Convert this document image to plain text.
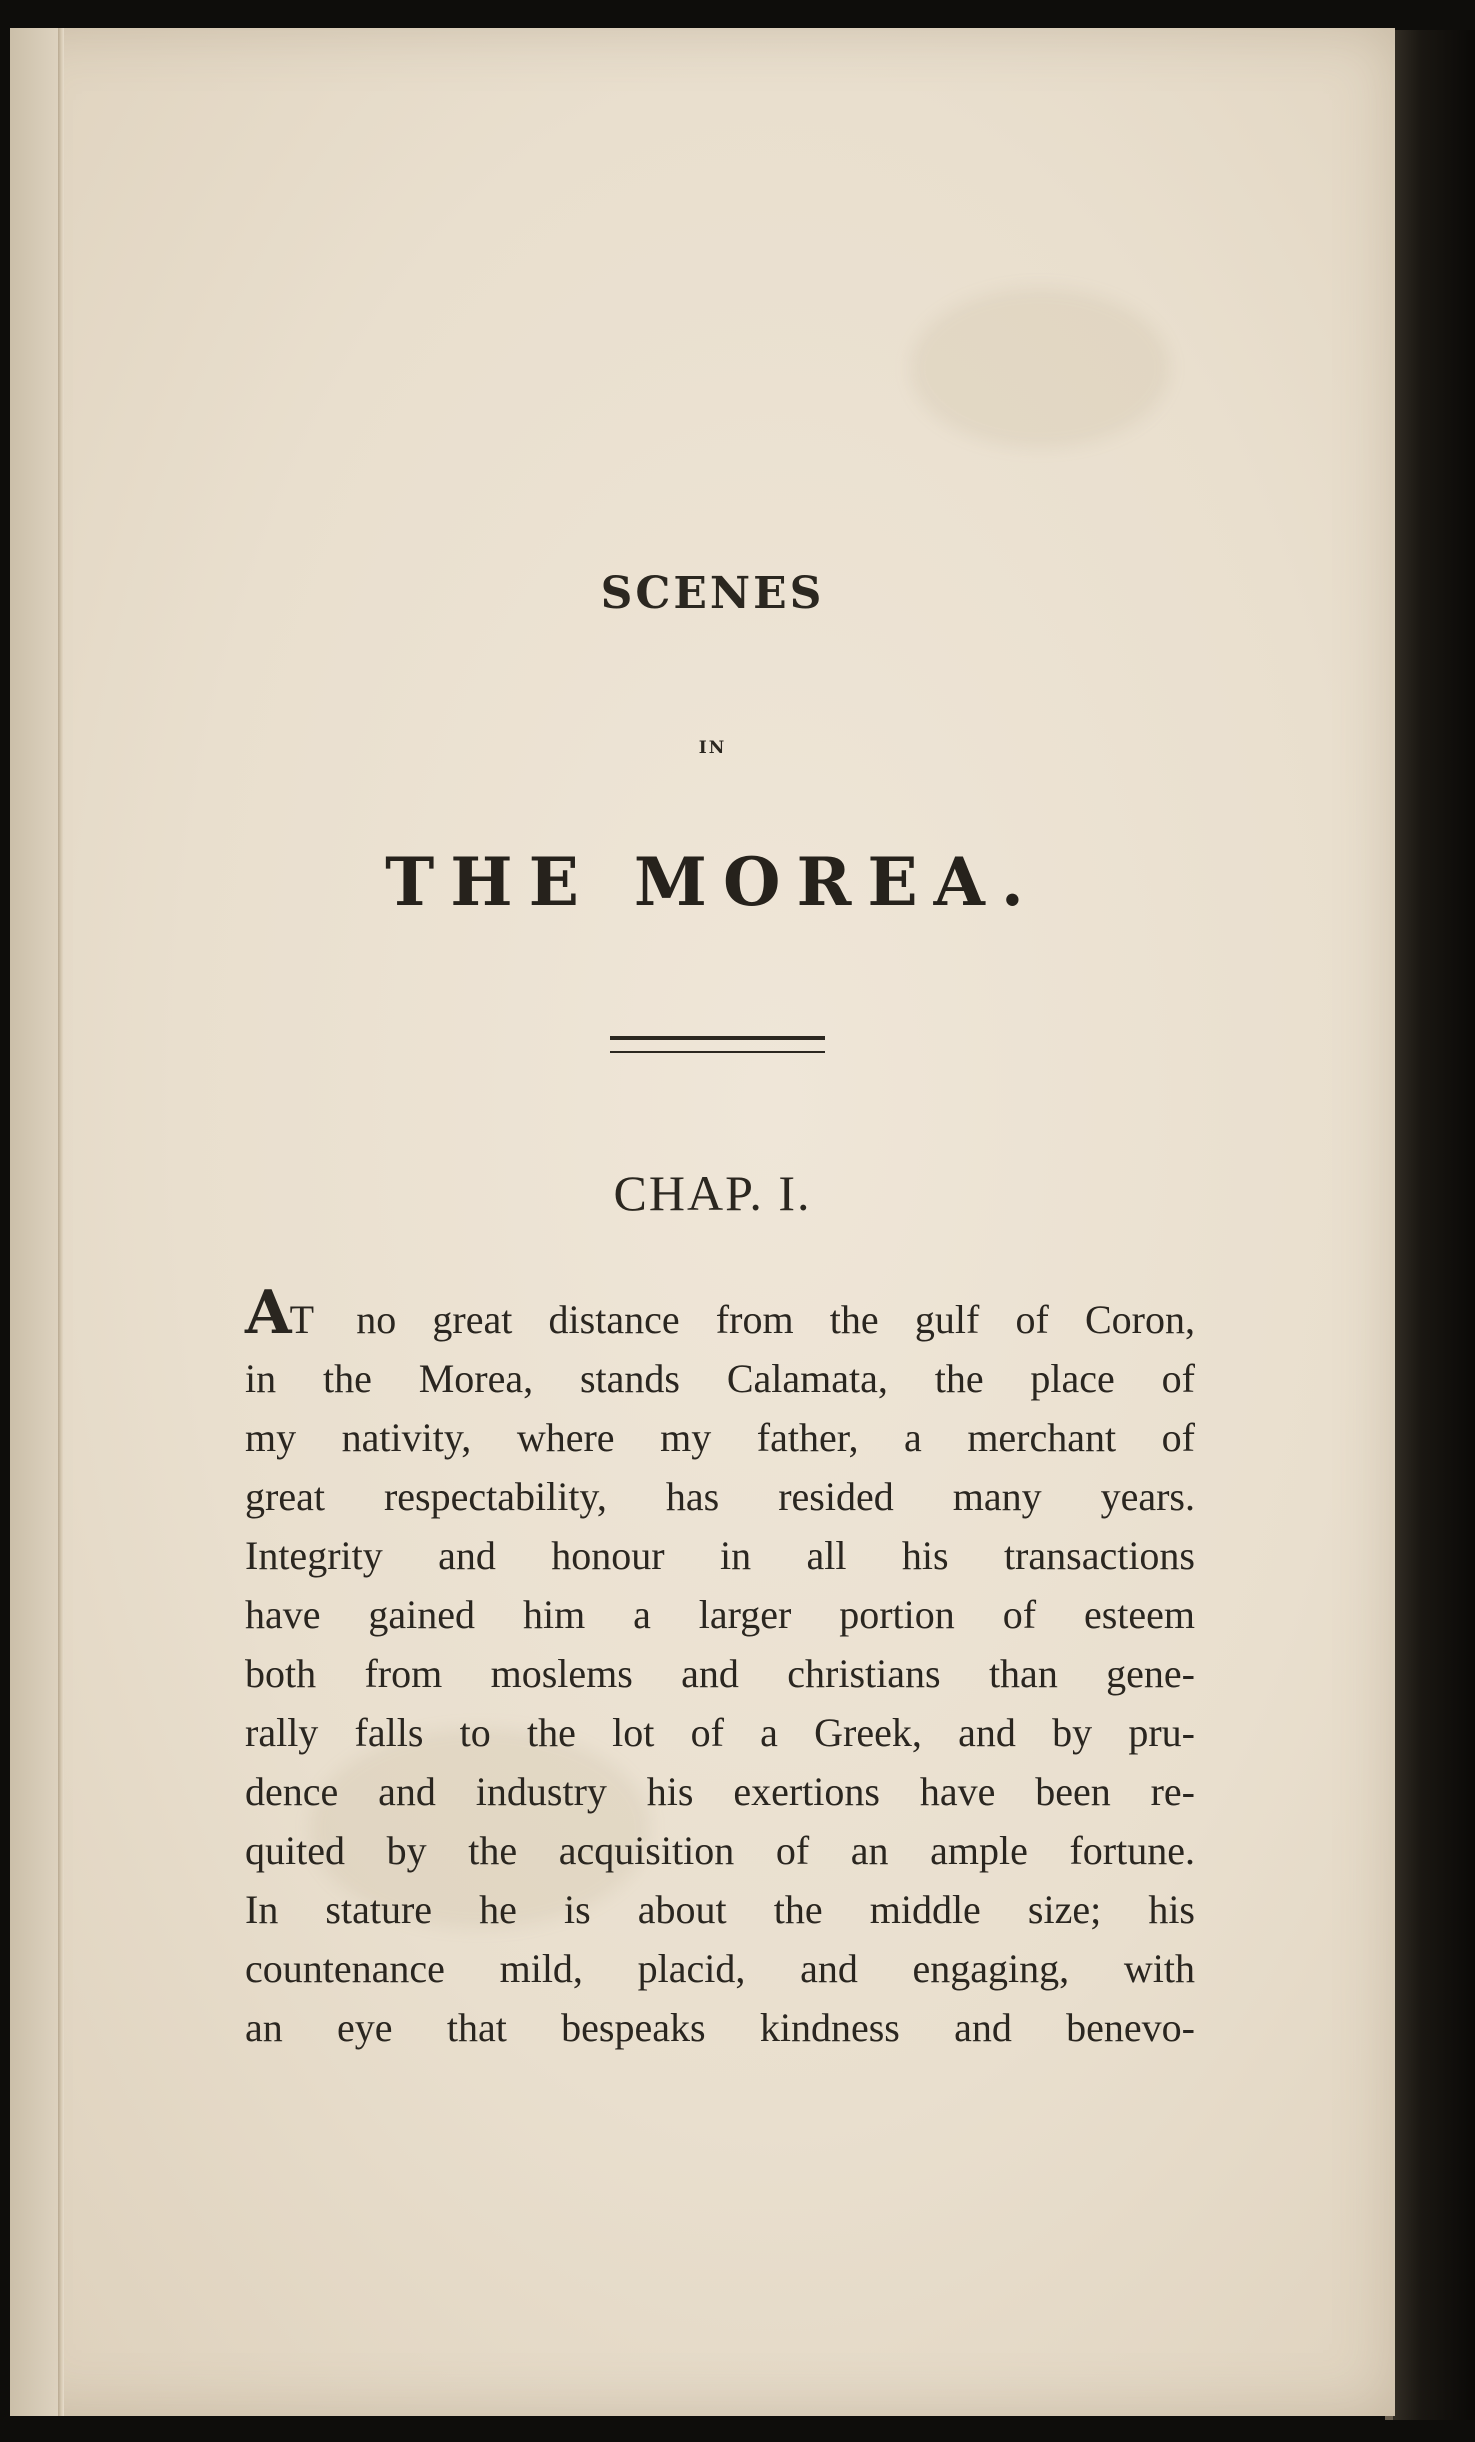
SCENES
IN
THE MOREA.
CHAP. I.
AT no great distance from the gulf of Coron,
in the Morea, stands Calamata, the place of
my nativity, where my father, a merchant of
great respectability, has resided many years.
Integrity and honour in all his transactions
have gained him a larger portion of esteem
both from moslems and christians than gene-
rally falls to the lot of a Greek, and by pru-
dence and industry his exertions have been re-
quited by the acquisition of an ample fortune.
In stature he is about the middle size; his
countenance mild, placid, and engaging, with
an eye that bespeaks kindness and benevo-
